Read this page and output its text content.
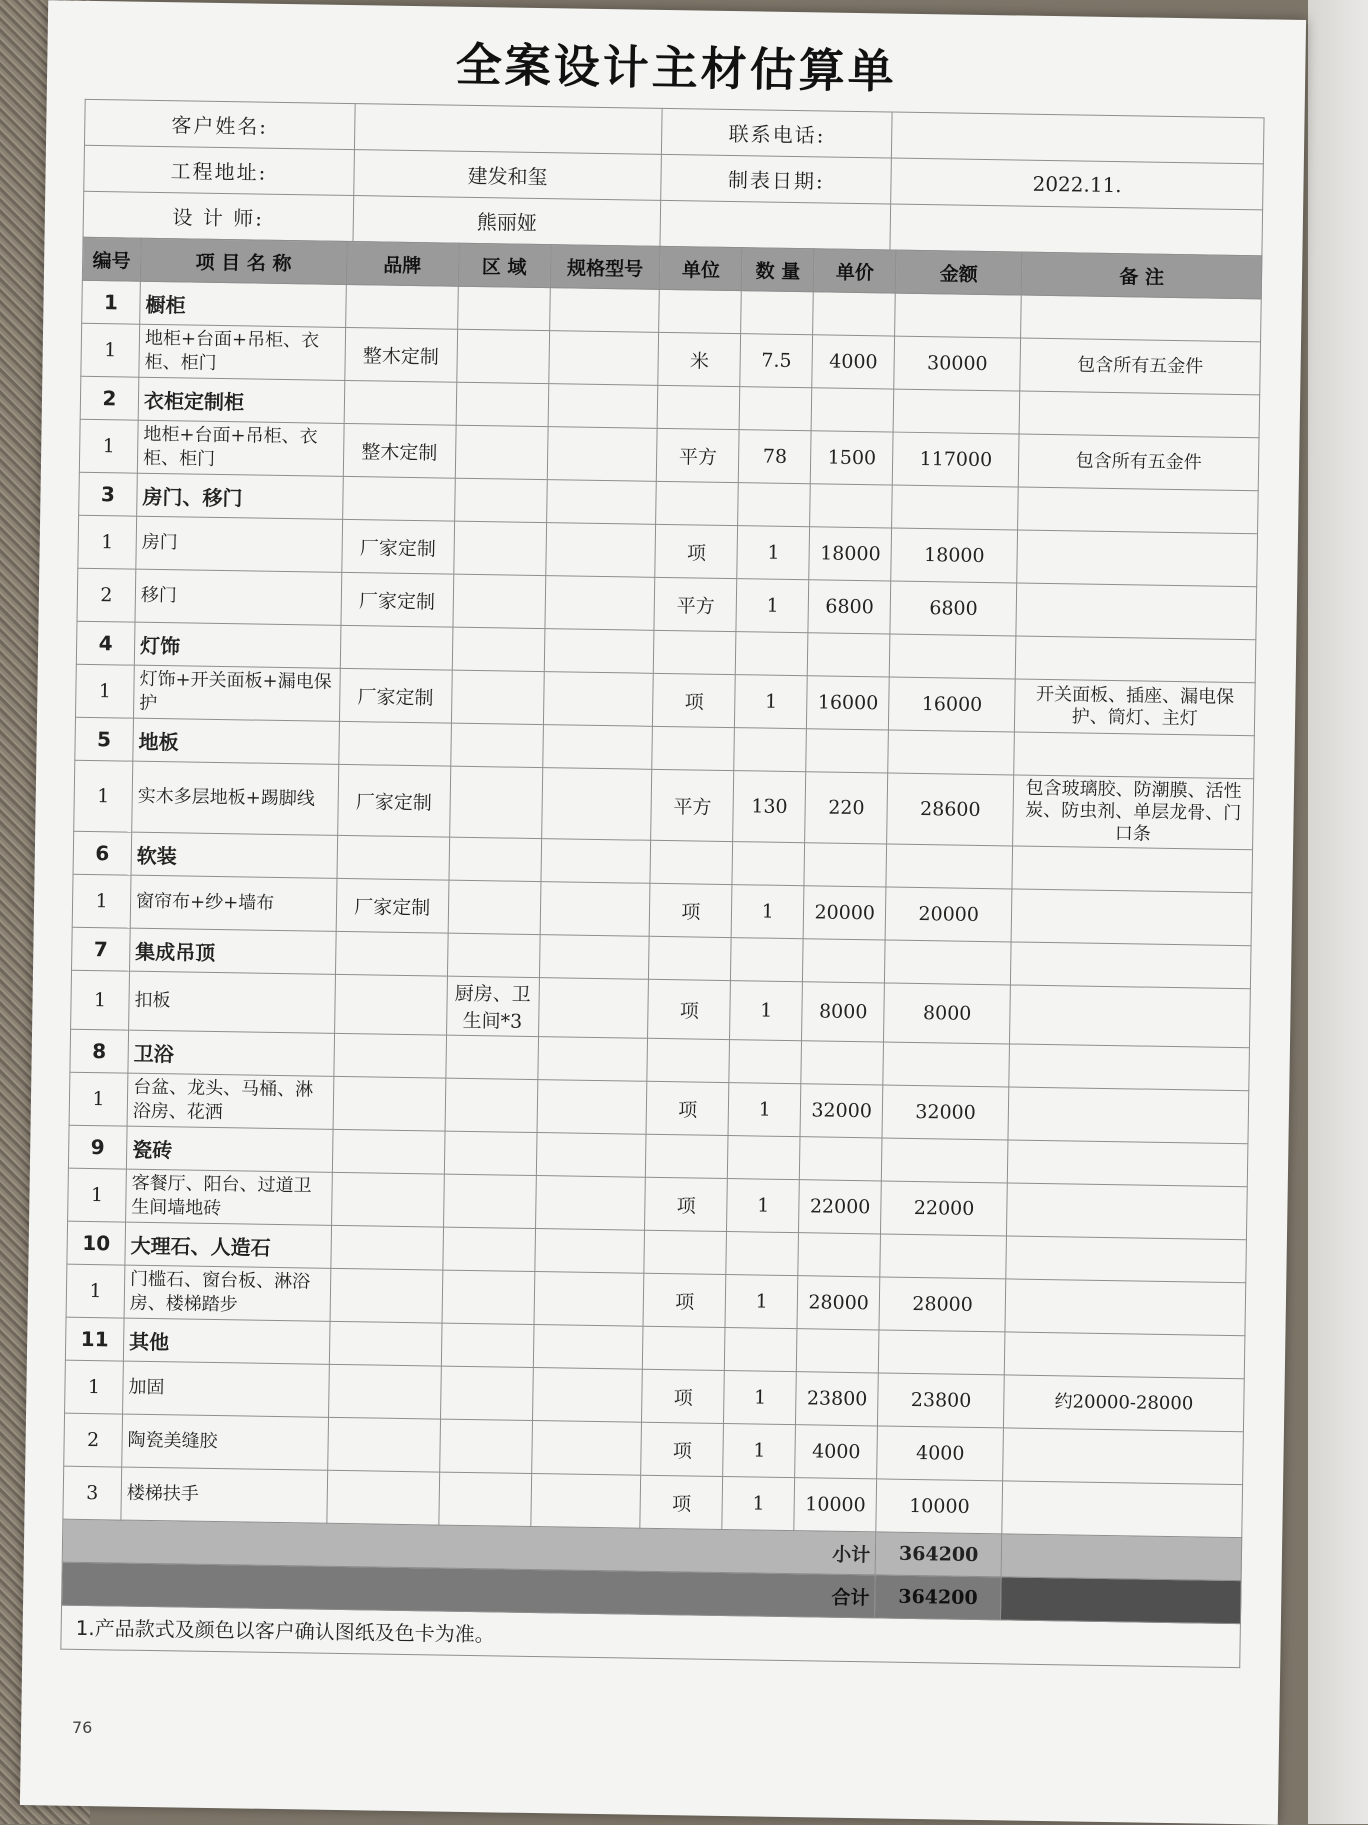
全案设计主材估算单
客户姓名:		联系电话:	
工程地址:	建发和玺	制表日期:	2022.11.
设 计 师:	熊丽娅		
编号	项 目 名 称	品牌	区 域	规格型号	单位	数 量	单价	金额	备 注
1	橱柜								
1	地柜+台面+吊柜、衣柜、柜门	整木定制			米	7.5	4000	30000	包含所有五金件
2	衣柜定制柜								
1	地柜+台面+吊柜、衣柜、柜门	整木定制			平方	78	1500	117000	包含所有五金件
3	房门、移门								
1	房门	厂家定制			项	1	18000	18000	
2	移门	厂家定制			平方	1	6800	6800	
4	灯饰								
1	灯饰+开关面板+漏电保护	厂家定制			项	1	16000	16000	开关面板、插座、漏电保护、筒灯、主灯
5	地板								
1	实木多层地板+踢脚线	厂家定制			平方	130	220	28600	包含玻璃胶、防潮膜、活性炭、防虫剂、单层龙骨、门口条
6	软装								
1	窗帘布+纱+墙布	厂家定制			项	1	20000	20000	
7	集成吊顶								
1	扣板		厨房、卫生间*3		项	1	8000	8000	
8	卫浴								
1	台盆、龙头、马桶、淋浴房、花洒				项	1	32000	32000	
9	瓷砖								
1	客餐厅、阳台、过道卫生间墙地砖				项	1	22000	22000	
10	大理石、人造石								
1	门槛石、窗台板、淋浴房、楼梯踏步				项	1	28000	28000	
11	其他								
1	加固				项	1	23800	23800	约20000-28000
2	陶瓷美缝胶				项	1	4000	4000	
3	楼梯扶手				项	1	10000	10000	
小计								364200	
合计								364200	
1.产品款式及颜色以客户确认图纸及色卡为准。
76
